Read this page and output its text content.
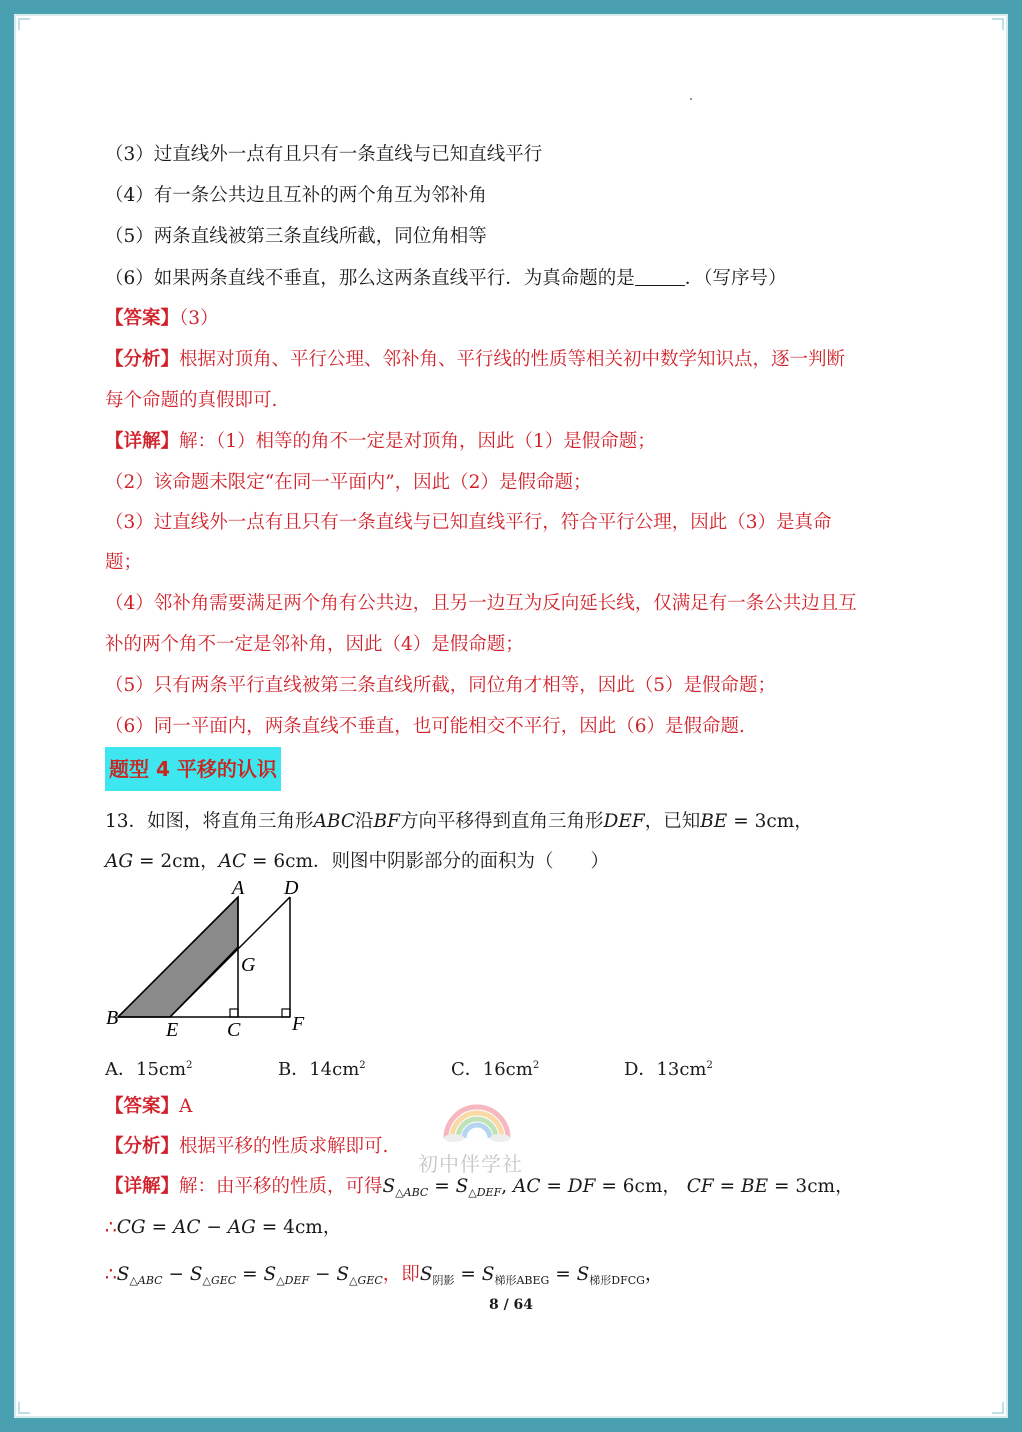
（3）过直线外一点有且只有一条直线与已知直线平行
（4）有一条公共边且互补的两个角互为邻补角
（5）两条直线被第三条直线所截，同位角相等
（6）如果两条直线不垂直，那么这两条直线平行．为真命题的是	．（写序号）
【答案】（3）
【分析】根据对顶角、平行公理、邻补角、平行线的性质等相关初中数学知识点，逐一判断
每个命题的真假即可.
【详解】解：（1）相等的角不一定是对顶角，因此（1）是假命题；
（2）该命题未限定“在同一平面内”，因此（2）是假命题；
（3）过直线外一点有且只有一条直线与已知直线平行，符合平行公理，因此（3）是真命
题；
（4）邻补角需要满足两个角有公共边，且另一边互为反向延长线，仅满足有一条公共边且互
补的两个角不一定是邻补角，因此（4）是假命题；
（5）只有两条平行直线被第三条直线所截，同位角才相等，因此（5）是假命题；
（6）同一平面内，两条直线不垂直，也可能相交不平行，因此（6）是假命题.
题型 4 平移的认识
13．如图，将直角三角形ABC沿BF方向平移得到直角三角形DEF，已知BE = 3cm，
AG = 2cm，AC = 6cm．则图中阴影部分的面积为（　　）
A D
G
B
E C	F
A．$15cm^2$	B．$14cm^2$	C．$16cm^2$	D．$13cm^2$
初中伴学社
【答案】A
【分析】根据平移的性质求解即可.
【详解】解：由平移的性质，可得$S_{\triangle ABC} = S_{\triangle DEF}$, AC = DF = 6cm， CF = BE = 3cm，
∴CG = AC − AG = 4cm，
$\therefore S_{\triangle ABC} - S_{\triangle GEC} = S_{\triangle DEF} - S_{\triangle GEC}$，即$S_{阴影} = S_{梯形ABEG} = S_{梯形DFCG}$，
8 / 64
